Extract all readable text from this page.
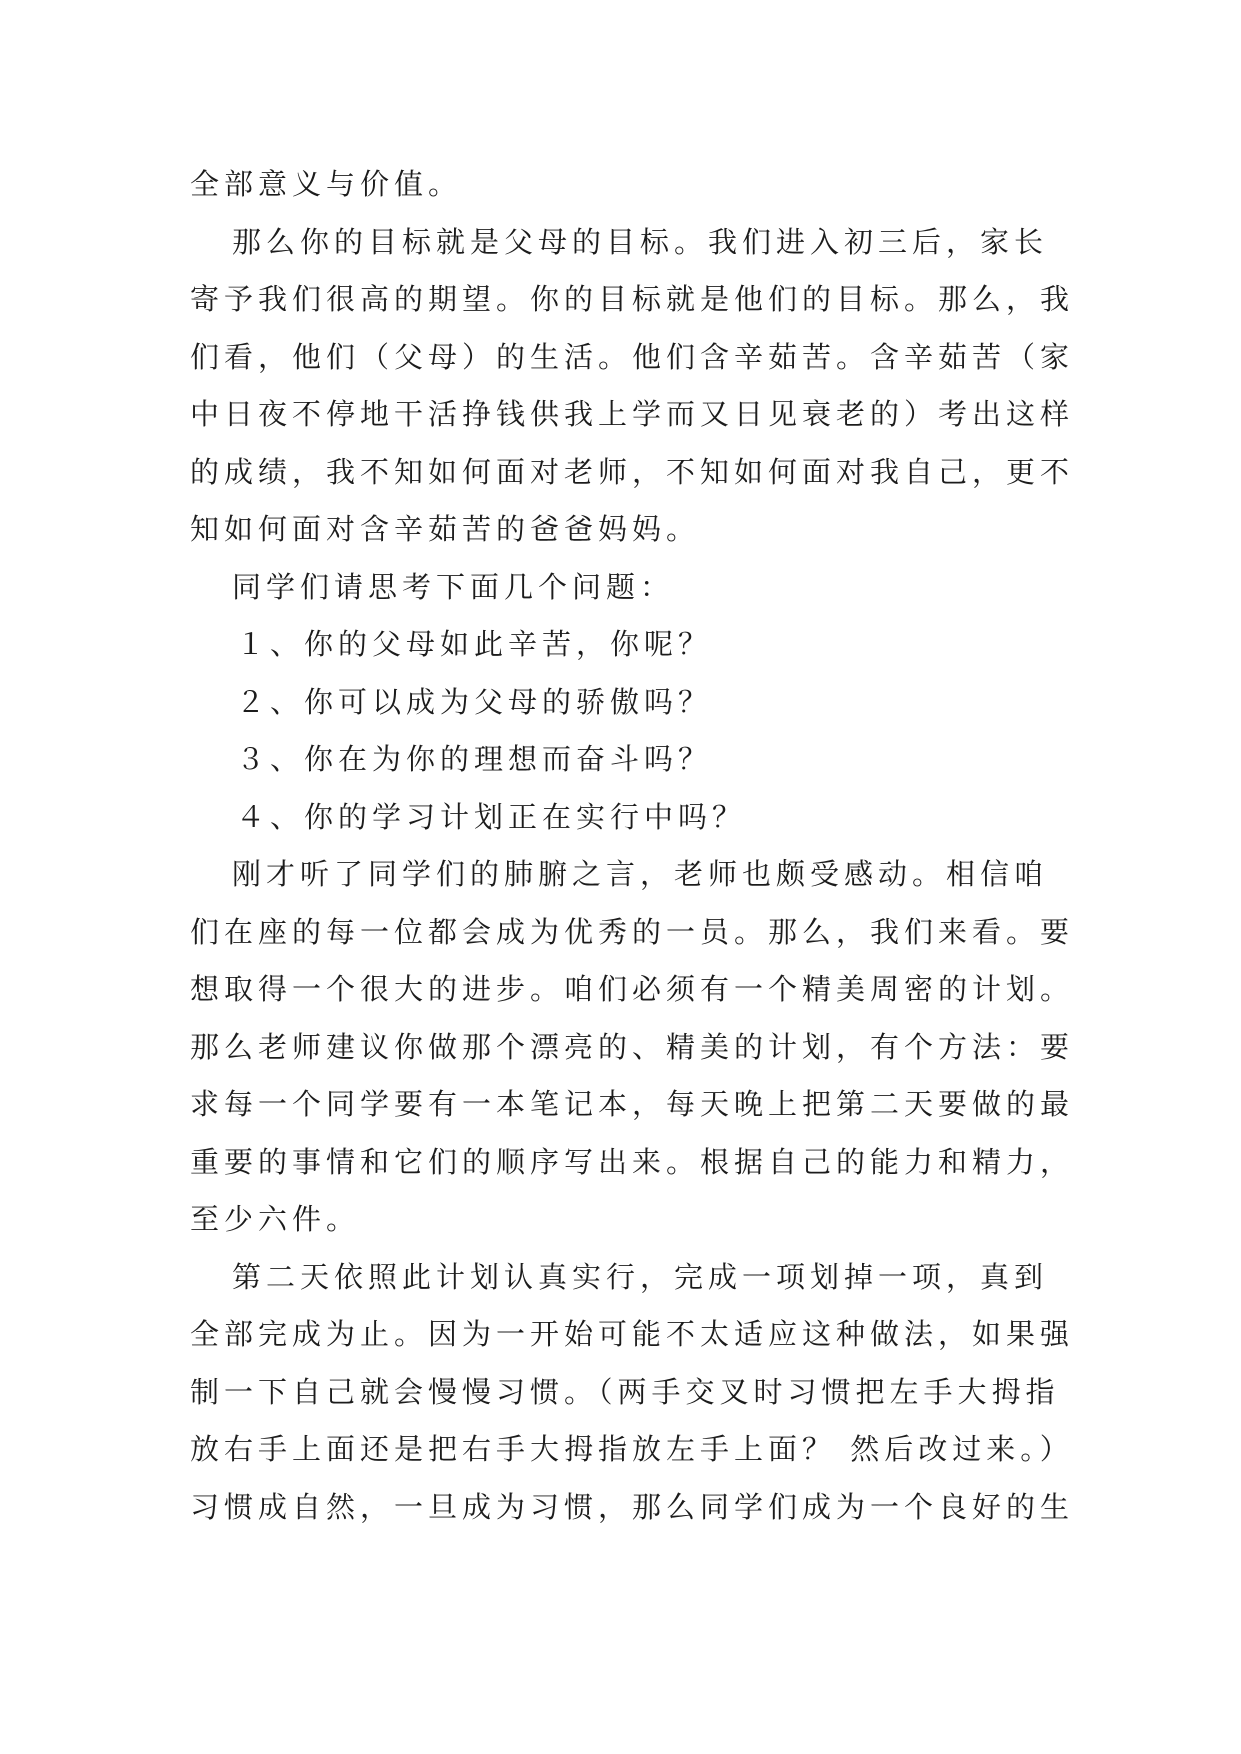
全部意义与价值。
那么你的目标就是父母的目标。我们进入初三后，家长
寄予我们很高的期望。你的目标就是他们的目标。那么，我
们看，他们（父母）的生活。他们含辛茹苦。含辛茹苦（家
中日夜不停地干活挣钱供我上学而又日见衰老的）考出这样
的成绩，我不知如何面对老师，不知如何面对我自己，更不
知如何面对含辛茹苦的爸爸妈妈。
同学们请思考下面几个问题：
１、你的父母如此辛苦，你呢？
２、你可以成为父母的骄傲吗？
３、你在为你的理想而奋斗吗？
４、你的学习计划正在实行中吗？
刚才听了同学们的肺腑之言，老师也颇受感动。相信咱
们在座的每一位都会成为优秀的一员。那么，我们来看。要
想取得一个很大的进步。咱们必须有一个精美周密的计划。
那么老师建议你做那个漂亮的、精美的计划，有个方法：要
求每一个同学要有一本笔记本，每天晚上把第二天要做的最
重要的事情和它们的顺序写出来。根据自己的能力和精力，
至少六件。
第二天依照此计划认真实行，完成一项划掉一项，真到
全部完成为止。因为一开始可能不太适应这种做法，如果强
制一下自己就会慢慢习惯。（两手交叉时习惯把左手大拇指
放右手上面还是把右手大拇指放左手上面？ 然后改过来。）
习惯成自然，一旦成为习惯，那么同学们成为一个良好的生
